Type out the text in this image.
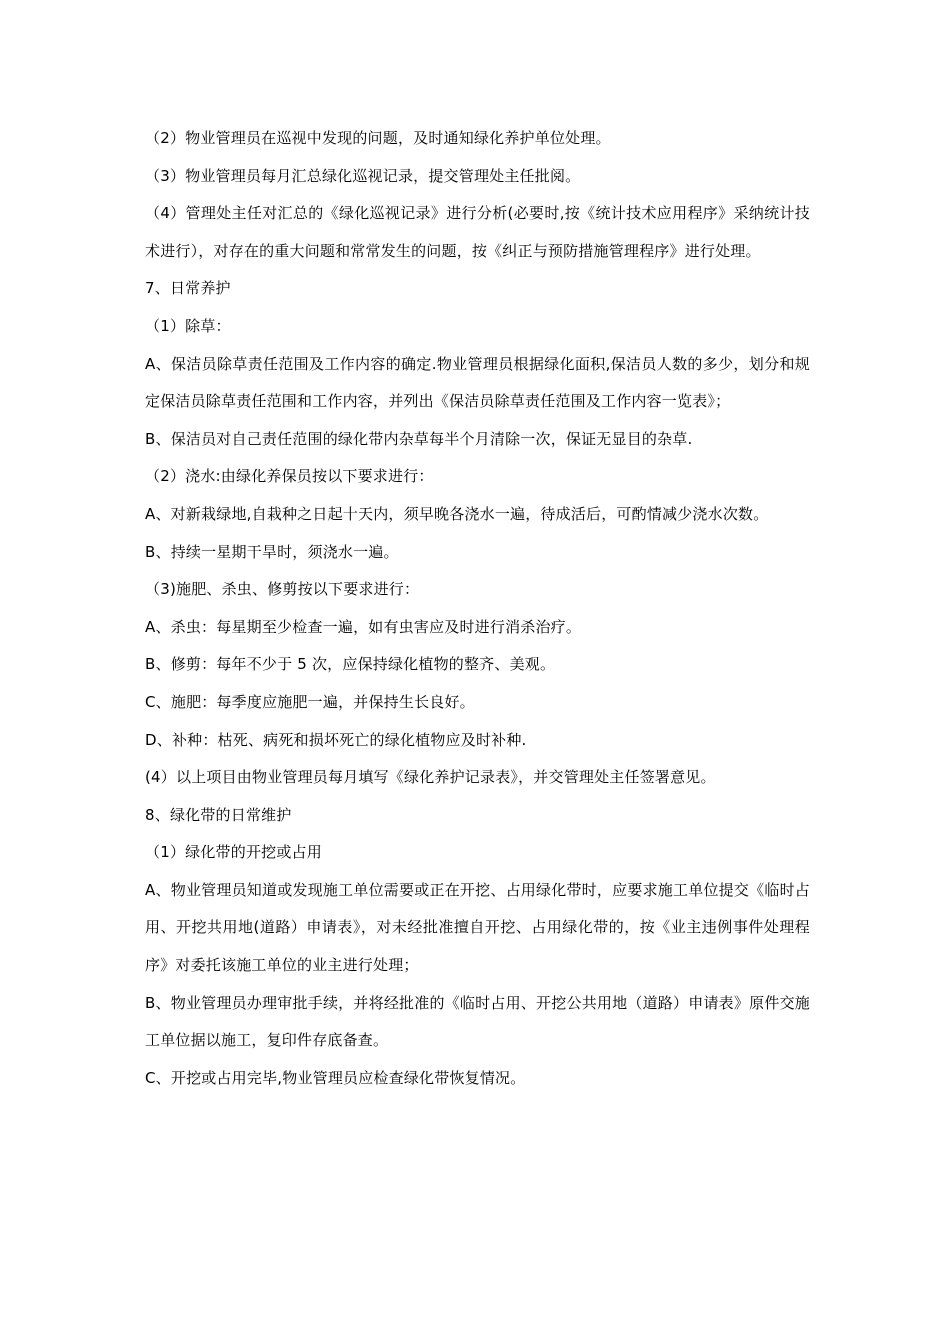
（2）物业管理员在巡视中发现的问题，及时通知绿化养护单位处理。

（3）物业管理员每月汇总绿化巡视记录，提交管理处主任批阅。

（4）管理处主任对汇总的《绿化巡视记录》进行分析(必要时,按《统计技术应用程序》采纳统计技术进行），对存在的重大问题和常常发生的问题，按《纠正与预防措施管理程序》进行处理。

7、日常养护

（1）除草：

A、保洁员除草责任范围及工作内容的确定.物业管理员根据绿化面积,保洁员人数的多少，划分和规定保洁员除草责任范围和工作内容，并列出《保洁员除草责任范围及工作内容一览表》；

B、保洁员对自己责任范围的绿化带内杂草每半个月清除一次，保证无显目的杂草.

（2）浇水:由绿化养保员按以下要求进行：

A、对新栽绿地,自栽种之日起十天内，须早晚各浇水一遍，待成活后，可酌情减少浇水次数。

B、持续一星期干旱时，须浇水一遍。

（3)施肥、杀虫、修剪按以下要求进行：

A、杀虫：每星期至少检查一遍，如有虫害应及时进行消杀治疗。

B、修剪：每年不少于 5 次，应保持绿化植物的整齐、美观。

C、施肥：每季度应施肥一遍，并保持生长良好。

D、补种：枯死、病死和损坏死亡的绿化植物应及时补种.

(4）以上项目由物业管理员每月填写《绿化养护记录表》，并交管理处主任签署意见。

8、绿化带的日常维护

（1）绿化带的开挖或占用

A、物业管理员知道或发现施工单位需要或正在开挖、占用绿化带时，应要求施工单位提交《临时占用、开挖共用地(道路）申请表》，对未经批准擅自开挖、占用绿化带的，按《业主违例事件处理程序》对委托该施工单位的业主进行处理；

B、物业管理员办理审批手续，并将经批准的《临时占用、开挖公共用地（道路）申请表》原件交施工单位据以施工，复印件存底备查。

C、开挖或占用完毕,物业管理员应检查绿化带恢复情况。
